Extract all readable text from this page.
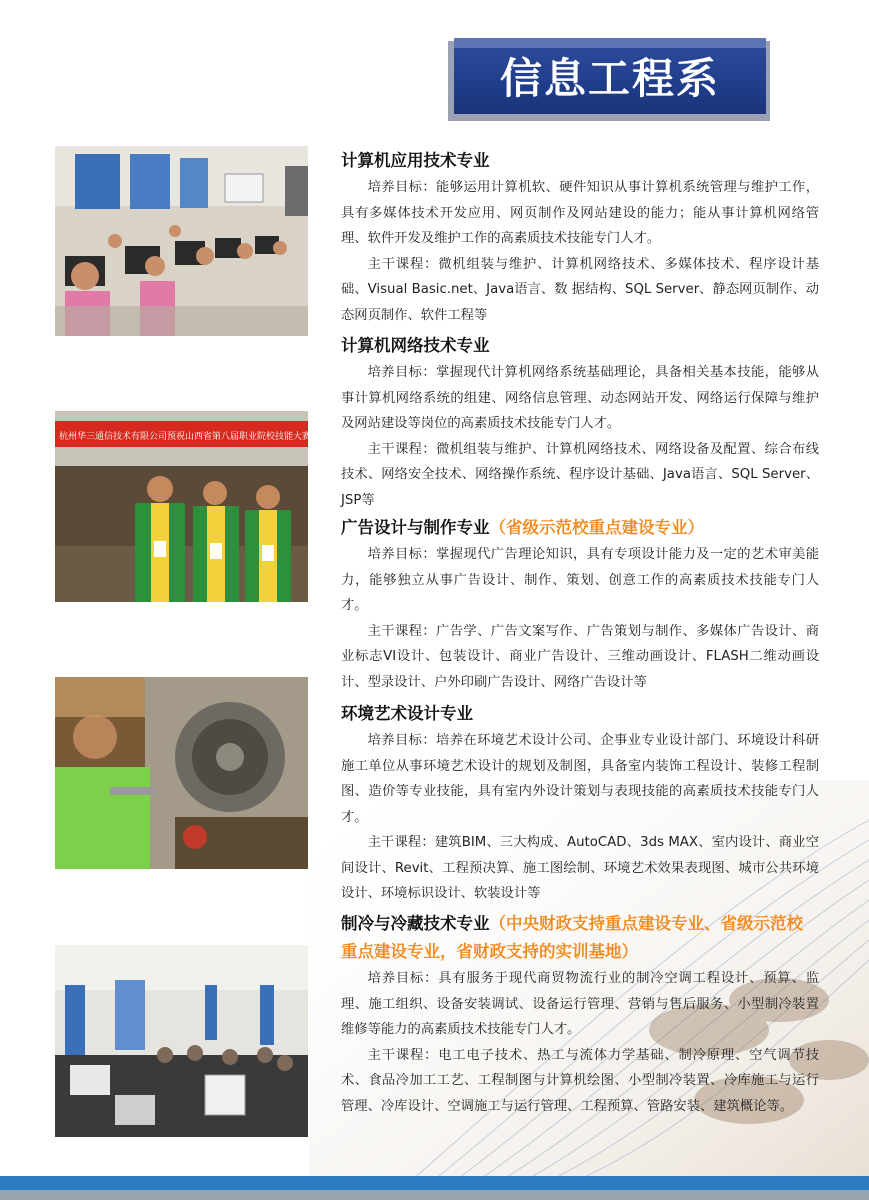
信息工程系
杭州华三通信技术有限公司预祝山西省第八届职业院校技能大赛圆满成功
计算机应用技术专业

培养目标：能够运用计算机软、硬件知识从事计算机系统管理与维护工作，具有多媒体技术开发应用、网页制作及网站建设的能力；能从事计算机网络管理、软件开发及维护工作的高素质技术技能专门人才。

主干课程：微机组装与维护、计算机网络技术、多媒体技术、程序设计基础、Visual Basic.net、Java语言、数 据结构、SQL Server、静态网页制作、动态网页制作、软件工程等

计算机网络技术专业

培养目标：掌握现代计算机网络系统基础理论，具备相关基本技能，能够从事计算机网络系统的组建、网络信息管理、动态网站开发、网络运行保障与维护及网站建设等岗位的高素质技术技能专门人才。

主干课程：微机组装与维护、计算机网络技术、网络设备及配置、综合布线技术、网络安全技术、网络操作系统、程序设计基础、Java语言、SQL Server、JSP等

广告设计与制作专业（省级示范校重点建设专业）

培养目标：掌握现代广告理论知识，具有专项设计能力及一定的艺术审美能力，能够独立从事广告设计、制作、策划、创意工作的高素质技术技能专门人才。

主干课程：广告学、广告文案写作、广告策划与制作、多媒体广告设计、商业标志VI设计、包装设计、商业广告设计、三维动画设计、FLASH二维动画设计、型录设计、户外印刷广告设计、网络广告设计等

环境艺术设计专业

培养目标：培养在环境艺术设计公司、企事业专业设计部门、环境设计科研施工单位从事环境艺术设计的规划及制图，具备室内装饰工程设计、装修工程制图、造价等专业技能，具有室内外设计策划与表现技能的高素质技术技能专门人才。

主干课程：建筑BIM、三大构成、AutoCAD、3ds MAX、室内设计、商业空间设计、Revit、工程预决算、施工图绘制、环境艺术效果表现图、城市公共环境设计、环境标识设计、软装设计等

制冷与冷藏技术专业（中央财政支持重点建设专业、省级示范校重点建设专业，省财政支持的实训基地）

培养目标：具有服务于现代商贸物流行业的制冷空调工程设计、预算、监理、施工组织、设备安装调试、设备运行管理、营销与售后服务、小型制冷装置维修等能力的高素质技术技能专门人才。

主干课程：电工电子技术、热工与流体力学基础、制冷原理、空气调节技术、食品冷加工工艺、工程制图与计算机绘图、小型制冷装置、冷库施工与运行管理、冷库设计、空调施工与运行管理、工程预算、管路安装、建筑概论等。
